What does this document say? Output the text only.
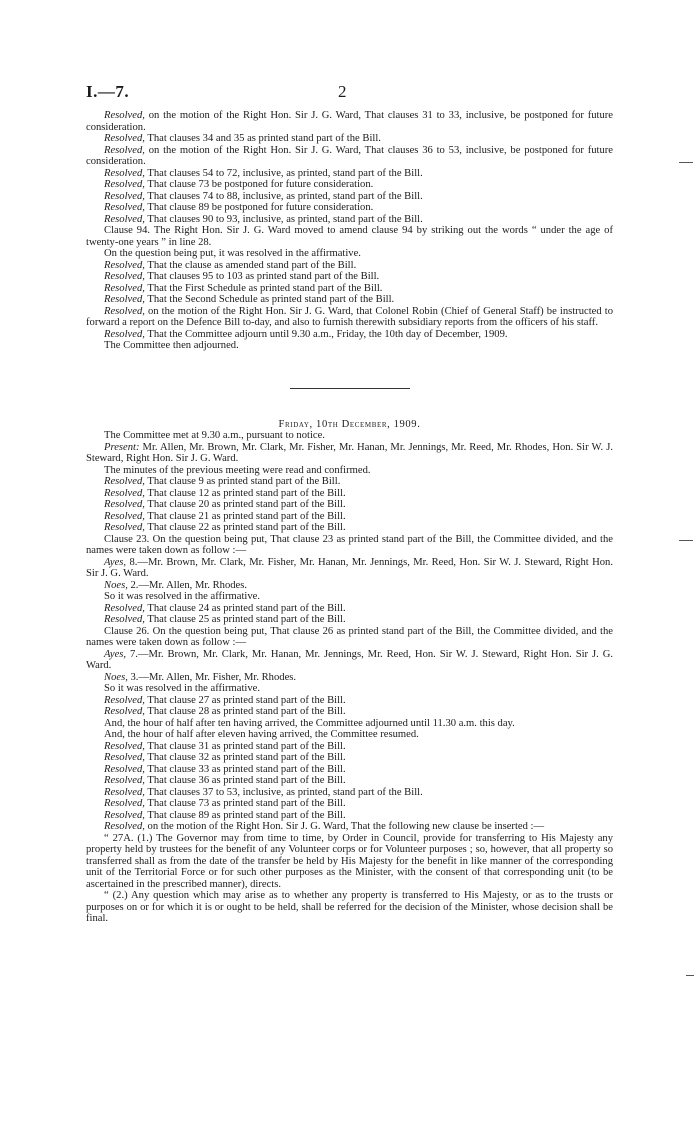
I.—7.	2

Resolved, on the motion of the Right Hon. Sir J. G. Ward, That clauses 31 to 33, inclusive, be postponed for future consideration.

Resolved, That clauses 34 and 35 as printed stand part of the Bill.

Resolved, on the motion of the Right Hon. Sir J. G. Ward, That clauses 36 to 53, inclusive, be postponed for future consideration.

Resolved, That clauses 54 to 72, inclusive, as printed, stand part of the Bill.

Resolved, That clause 73 be postponed for future consideration.

Resolved, That clauses 74 to 88, inclusive, as printed, stand part of the Bill.

Resolved, That clause 89 be postponed for future consideration.

Resolved, That clauses 90 to 93, inclusive, as printed, stand part of the Bill.

Clause 94. The Right Hon. Sir J. G. Ward moved to amend clause 94 by striking out the words “ under the age of twenty-one years ” in line 28.

On the question being put, it was resolved in the affirmative.

Resolved, That the clause as amended stand part of the Bill.

Resolved, That clauses 95 to 103 as printed stand part of the Bill.

Resolved, That the First Schedule as printed stand part of the Bill.

Resolved, That the Second Schedule as printed stand part of the Bill.

Resolved, on the motion of the Right Hon. Sir J. G. Ward, that Colonel Robin (Chief of General Staff) be instructed to forward a report on the Defence Bill to-day, and also to furnish therewith subsidiary reports from the officers of his staff.

Resolved, That the Committee adjourn until 9.30 a.m., Friday, the 10th day of December, 1909.

The Committee then adjourned.

Friday, 10th December, 1909.

The Committee met at 9.30 a.m., pursuant to notice.

Present: Mr. Allen, Mr. Brown, Mr. Clark, Mr. Fisher, Mr. Hanan, Mr. Jennings, Mr. Reed, Mr. Rhodes, Hon. Sir W. J. Steward, Right Hon. Sir J. G. Ward.

The minutes of the previous meeting were read and confirmed.

Resolved, That clause 9 as printed stand part of the Bill.

Resolved, That clause 12 as printed stand part of the Bill.

Resolved, That clause 20 as printed stand part of the Bill.

Resolved, That clause 21 as printed stand part of the Bill.

Resolved, That clause 22 as printed stand part of the Bill.

Clause 23. On the question being put, That clause 23 as printed stand part of the Bill, the Committee divided, and the names were taken down as follow :—

Ayes, 8.—Mr. Brown, Mr. Clark, Mr. Fisher, Mr. Hanan, Mr. Jennings, Mr. Reed, Hon. Sir W. J. Steward, Right Hon. Sir J. G. Ward.

Noes, 2.—Mr. Allen, Mr. Rhodes.

So it was resolved in the affirmative.

Resolved, That clause 24 as printed stand part of the Bill.

Resolved, That clause 25 as printed stand part of the Bill.

Clause 26. On the question being put, That clause 26 as printed stand part of the Bill, the Committee divided, and the names were taken down as follow :—

Ayes, 7.—Mr. Brown, Mr. Clark, Mr. Hanan, Mr. Jennings, Mr. Reed, Hon. Sir W. J. Steward, Right Hon. Sir J. G. Ward.

Noes, 3.—Mr. Allen, Mr. Fisher, Mr. Rhodes.

So it was resolved in the affirmative.

Resolved, That clause 27 as printed stand part of the Bill.

Resolved, That clause 28 as printed stand part of the Bill.

And, the hour of half after ten having arrived, the Committee adjourned until 11.30 a.m. this day.

And, the hour of half after eleven having arrived, the Committee resumed.

Resolved, That clause 31 as printed stand part of the Bill.

Resolved, That clause 32 as printed stand part of the Bill.

Resolved, That clause 33 as printed stand part of the Bill.

Resolved, That clause 36 as printed stand part of the Bill.

Resolved, That clauses 37 to 53, inclusive, as printed, stand part of the Bill.

Resolved, That clause 73 as printed stand part of the Bill.

Resolved, That clause 89 as printed stand part of the Bill.

Resolved, on the motion of the Right Hon. Sir J. G. Ward, That the following new clause be inserted :—

“ 27A. (1.) The Governor may from time to time, by Order in Council, provide for transferring to His Majesty any property held by trustees for the benefit of any Volunteer corps or for Volunteer purposes ; so, however, that all property so transferred shall as from the date of the transfer be held by His Majesty for the benefit in like manner of the corresponding unit of the Territorial Force or for such other purposes as the Minister, with the consent of that corresponding unit (to be ascertained in the prescribed manner), directs.

“ (2.) Any question which may arise as to whether any property is transferred to His Majesty, or as to the trusts or purposes on or for which it is or ought to be held, shall be referred for the decision of the Minister, whose decision shall be final.
